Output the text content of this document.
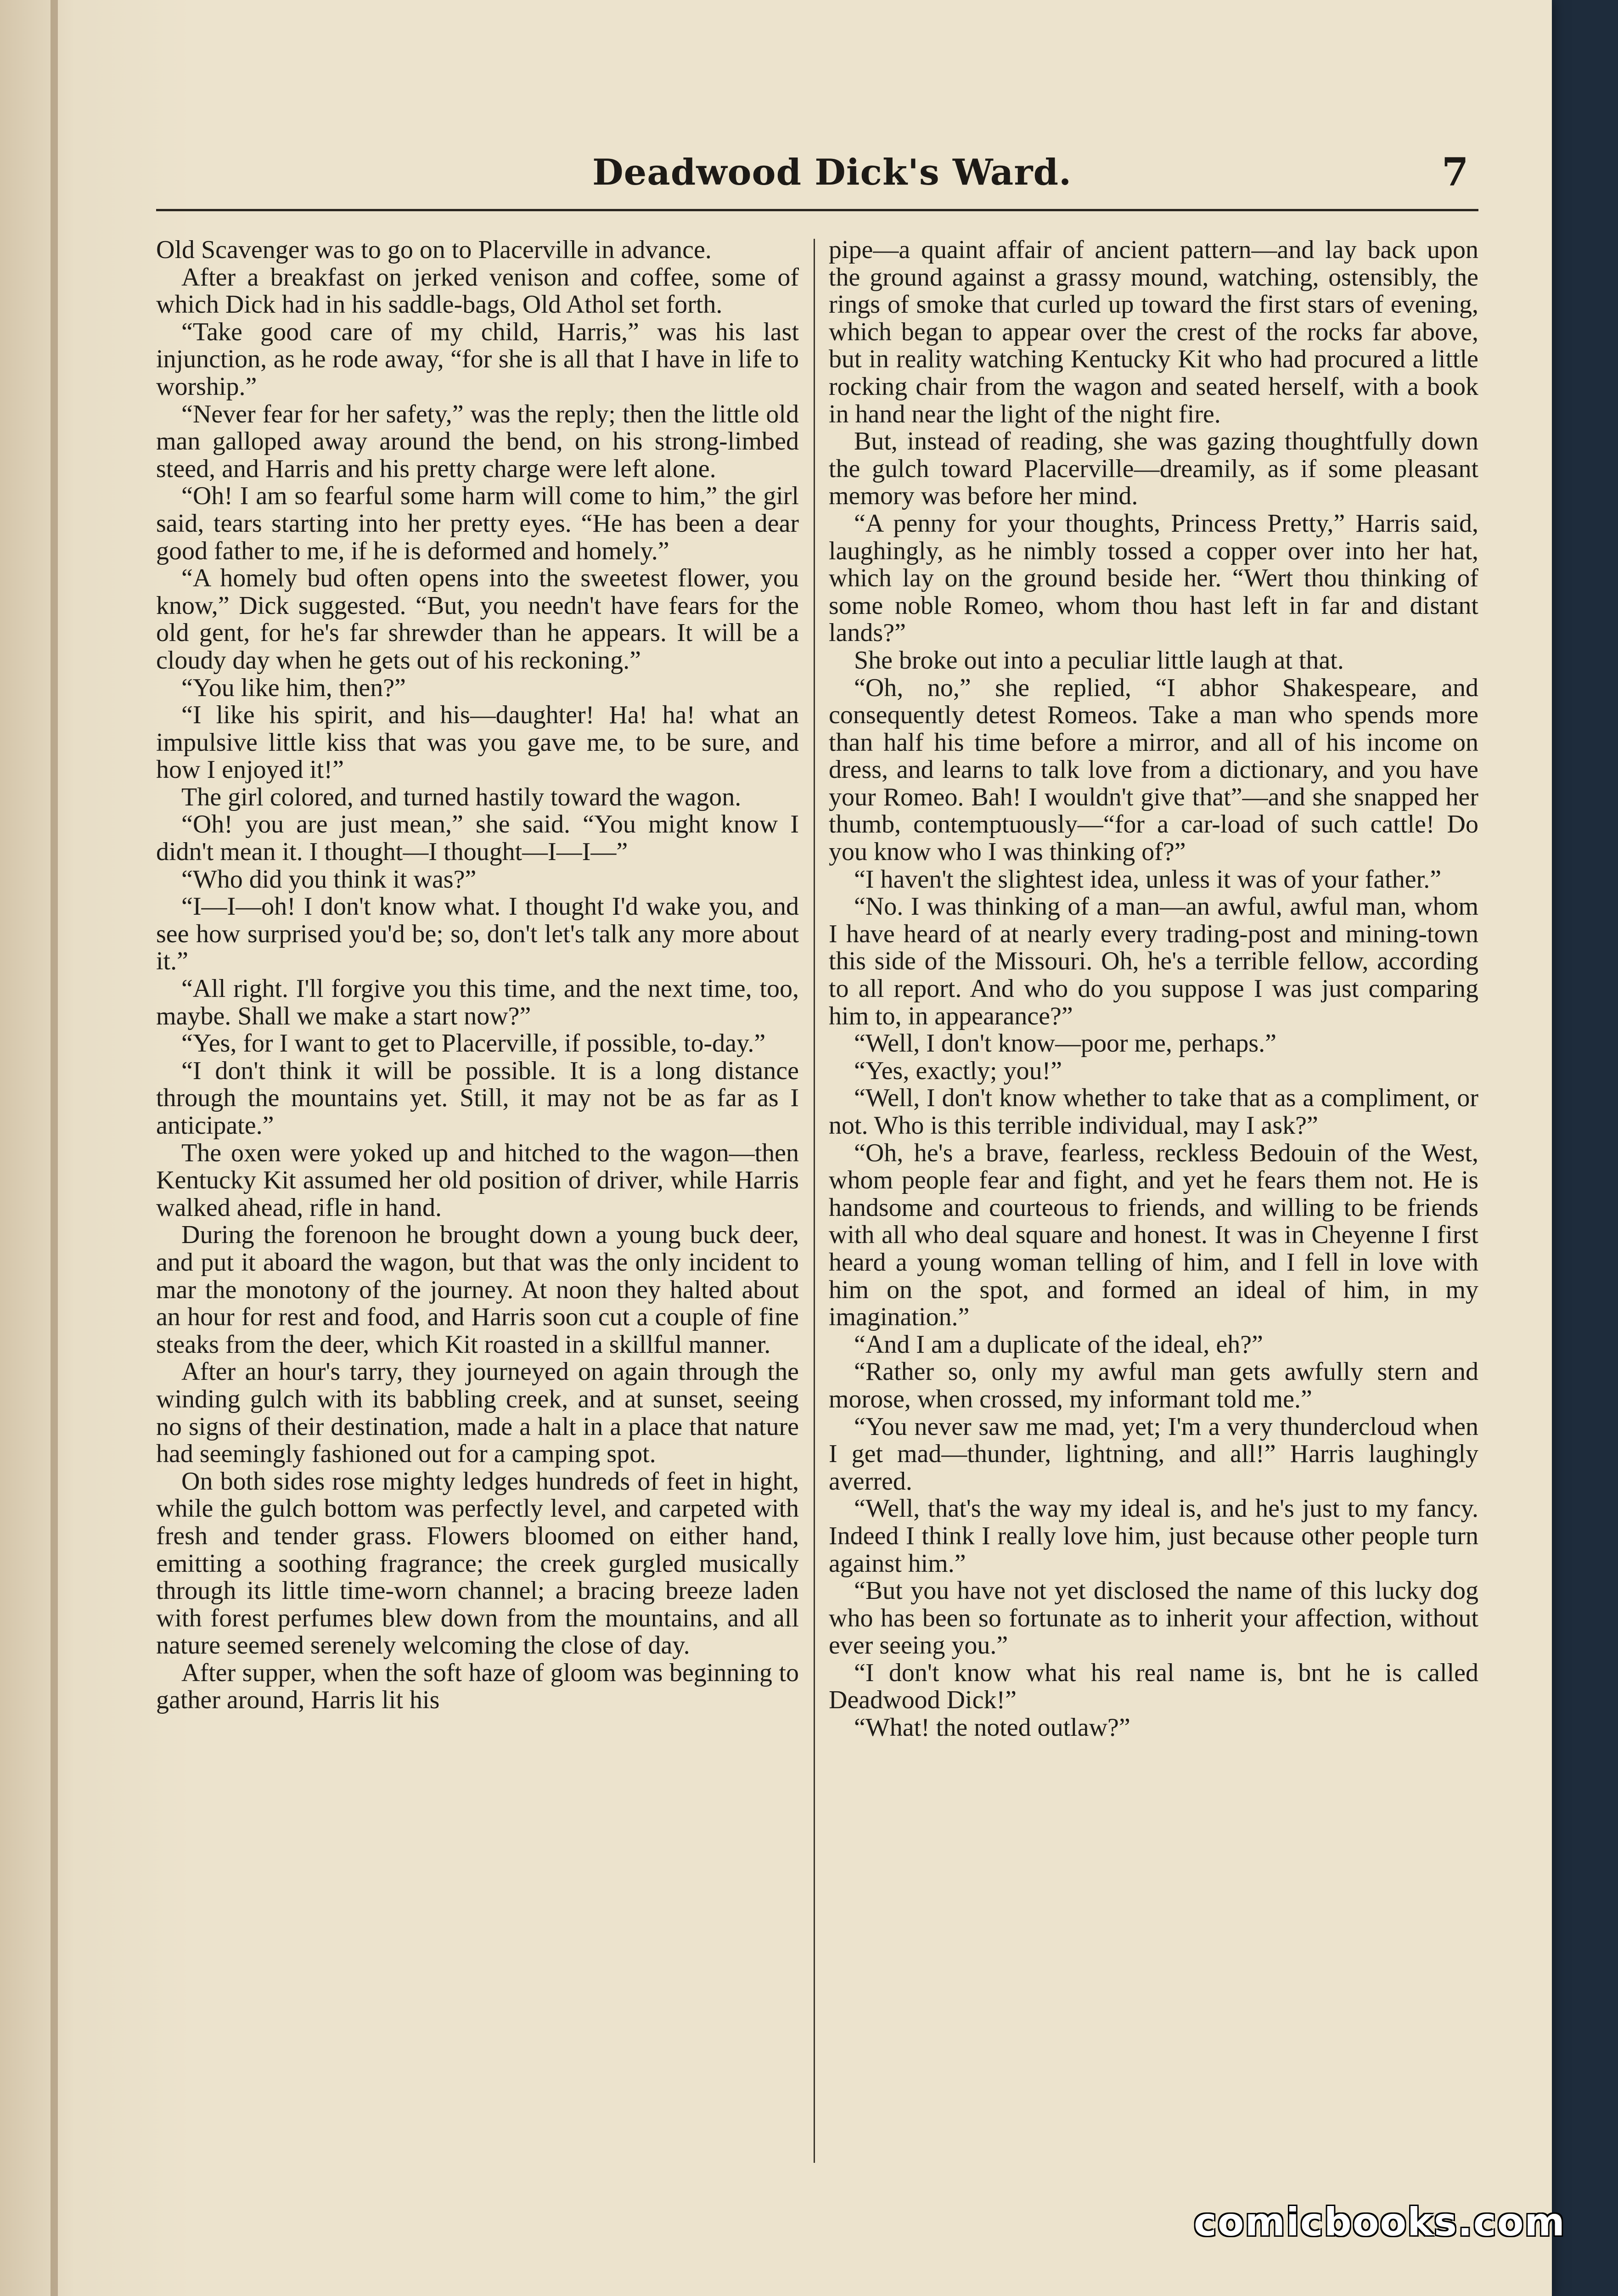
Deadwood Dick's Ward.	7

Old Scavenger was to go on to Placerville in advance.

After a breakfast on jerked venison and coffee, some of which Dick had in his saddle-bags, Old Athol set forth.

“Take good care of my child, Harris,” was his last injunction, as he rode away, “for she is all that I have in life to worship.”

“Never fear for her safety,” was the reply; then the little old man galloped away around the bend, on his strong-limbed steed, and Harris and his pretty charge were left alone.

“Oh! I am so fearful some harm will come to him,” the girl said, tears starting into her pretty eyes. “He has been a dear good father to me, if he is deformed and homely.”

“A homely bud often opens into the sweetest flower, you know,” Dick suggested. “But, you needn't have fears for the old gent, for he's far shrewder than he appears. It will be a cloudy day when he gets out of his reckoning.”

“You like him, then?”

“I like his spirit, and his—daughter! Ha! ha! what an impulsive little kiss that was you gave me, to be sure, and how I enjoyed it!”

The girl colored, and turned hastily toward the wagon.

“Oh! you are just mean,” she said. “You might know I didn't mean it. I thought—I thought—I—I—”

“Who did you think it was?”

“I—I—oh! I don't know what. I thought I'd wake you, and see how surprised you'd be; so, don't let's talk any more about it.”

“All right. I'll forgive you this time, and the next time, too, maybe. Shall we make a start now?”

“Yes, for I want to get to Placerville, if possible, to-day.”

“I don't think it will be possible. It is a long distance through the mountains yet. Still, it may not be as far as I anticipate.”

The oxen were yoked up and hitched to the wagon—then Kentucky Kit assumed her old position of driver, while Harris walked ahead, rifle in hand.

During the forenoon he brought down a young buck deer, and put it aboard the wagon, but that was the only incident to mar the monotony of the journey. At noon they halted about an hour for rest and food, and Harris soon cut a couple of fine steaks from the deer, which Kit roasted in a skillful manner.

After an hour's tarry, they journeyed on again through the winding gulch with its babbling creek, and at sunset, seeing no signs of their destination, made a halt in a place that nature had seemingly fashioned out for a camping spot.

On both sides rose mighty ledges hundreds of feet in hight, while the gulch bottom was perfectly level, and carpeted with fresh and tender grass. Flowers bloomed on either hand, emitting a soothing fragrance; the creek gurgled musically through its little time-worn channel; a bracing breeze laden with forest perfumes blew down from the mountains, and all nature seemed serenely welcoming the close of day.

After supper, when the soft haze of gloom was beginning to gather around, Harris lit his

pipe—a quaint affair of ancient pattern—and lay back upon the ground against a grassy mound, watching, ostensibly, the rings of smoke that curled up toward the first stars of evening, which began to appear over the crest of the rocks far above, but in reality watching Kentucky Kit who had procured a little rocking chair from the wagon and seated herself, with a book in hand near the light of the night fire.

But, instead of reading, she was gazing thoughtfully down the gulch toward Placerville—dreamily, as if some pleasant memory was before her mind.

“A penny for your thoughts, Princess Pretty,” Harris said, laughingly, as he nimbly tossed a copper over into her hat, which lay on the ground beside her. “Wert thou thinking of some noble Romeo, whom thou hast left in far and distant lands?”

She broke out into a peculiar little laugh at that.

“Oh, no,” she replied, “I abhor Shakespeare, and consequently detest Romeos. Take a man who spends more than half his time before a mirror, and all of his income on dress, and learns to talk love from a dictionary, and you have your Romeo. Bah! I wouldn't give that”—and she snapped her thumb, contemptuously—“for a car-load of such cattle! Do you know who I was thinking of?”

“I haven't the slightest idea, unless it was of your father.”

“No. I was thinking of a man—an awful, awful man, whom I have heard of at nearly every trading-post and mining-town this side of the Missouri. Oh, he's a terrible fellow, according to all report. And who do you suppose I was just comparing him to, in appearance?”

“Well, I don't know—poor me, perhaps.”

“Yes, exactly; you!”

“Well, I don't know whether to take that as a compliment, or not. Who is this terrible individual, may I ask?”

“Oh, he's a brave, fearless, reckless Bedouin of the West, whom people fear and fight, and yet he fears them not. He is handsome and courteous to friends, and willing to be friends with all who deal square and honest. It was in Cheyenne I first heard a young woman telling of him, and I fell in love with him on the spot, and formed an ideal of him, in my imagination.”

“And I am a duplicate of the ideal, eh?”

“Rather so, only my awful man gets awfully stern and morose, when crossed, my informant told me.”

“You never saw me mad, yet; I'm a very thundercloud when I get mad—thunder, lightning, and all!” Harris laughingly averred.

“Well, that's the way my ideal is, and he's just to my fancy. Indeed I think I really love him, just because other people turn against him.”

“But you have not yet disclosed the name of this lucky dog who has been so fortunate as to inherit your affection, without ever seeing you.”

“I don't know what his real name is, bnt he is called Deadwood Dick!”

“What! the noted outlaw?”

comicbooks.com
